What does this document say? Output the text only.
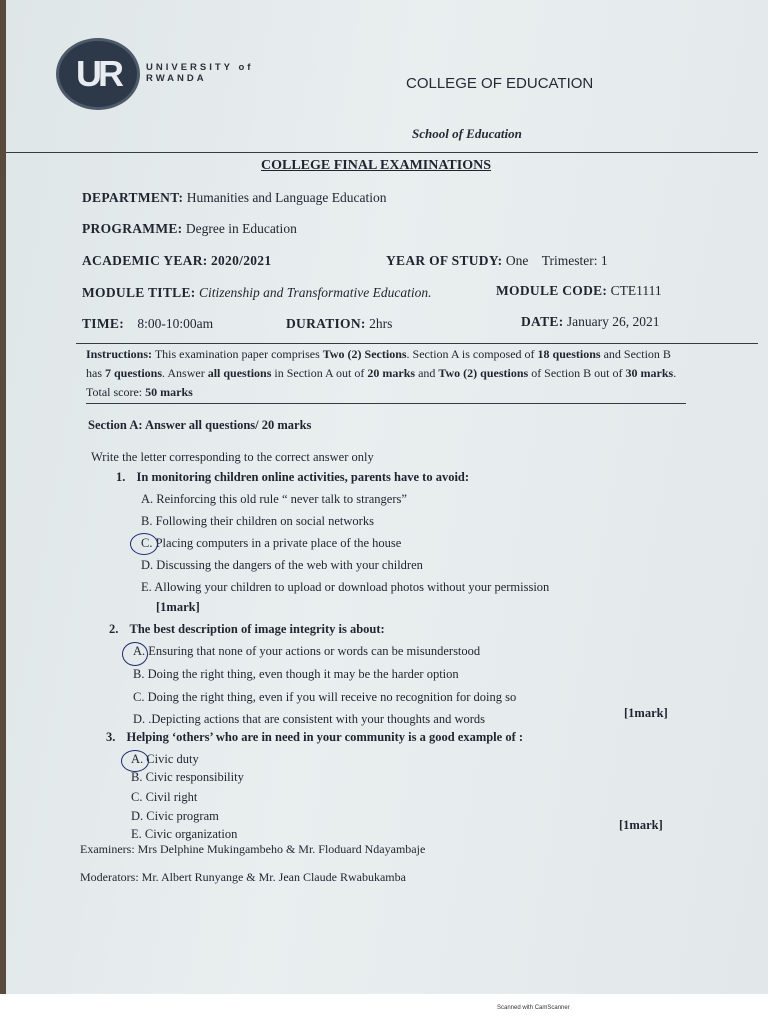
UR	UNIVERSITY of
RWANDA	COLLEGE OF EDUCATION
School of Education
COLLEGE FINAL EXAMINATIONS
DEPARTMENT: Humanities and Language Education
PROGRAMME: Degree in Education
ACADEMIC YEAR: 2020/2021	YEAR OF STUDY: One Trimester: 1
MODULE TITLE: Citizenship and Transformative Education.	MODULE CODE: CTE1111
TIME: 8:00-10:00am	DURATION: 2hrs	DATE: January 26, 2021
Instructions: This examination paper comprises Two (2) Sections. Section A is composed of 18 questions and Section B has 7 questions. Answer all questions in Section A out of 20 marks and Two (2) questions of Section B out of 30 marks. Total score: 50 marks
Section A: Answer all questions/ 20 marks
Write the letter corresponding to the correct answer only
1. In monitoring children online activities, parents have to avoid:
A. Reinforcing this old rule “ never talk to strangers”
B. Following their children on social networks
C. Placing computers in a private place of the house
D. Discussing the dangers of the web with your children
E. Allowing your children to upload or download photos without your permission
[1mark]
2. The best description of image integrity is about:
A. Ensuring that none of your actions or words can be misunderstood
B. Doing the right thing, even though it may be the harder option
C. Doing the right thing, even if you will receive no recognition for doing so
D. .Depicting actions that are consistent with your thoughts and words	[1mark]
3. Helping ‘others’ who are in need in your community is a good example of :
A. Civic duty
B. Civic responsibility
C. Civil right
D. Civic program
E. Civic organization
[1mark]
Examiners: Mrs Delphine Mukingambeho & Mr. Floduard Ndayambaje
Moderators: Mr. Albert Runyange & Mr. Jean Claude Rwabukamba
Scanned with CamScanner
